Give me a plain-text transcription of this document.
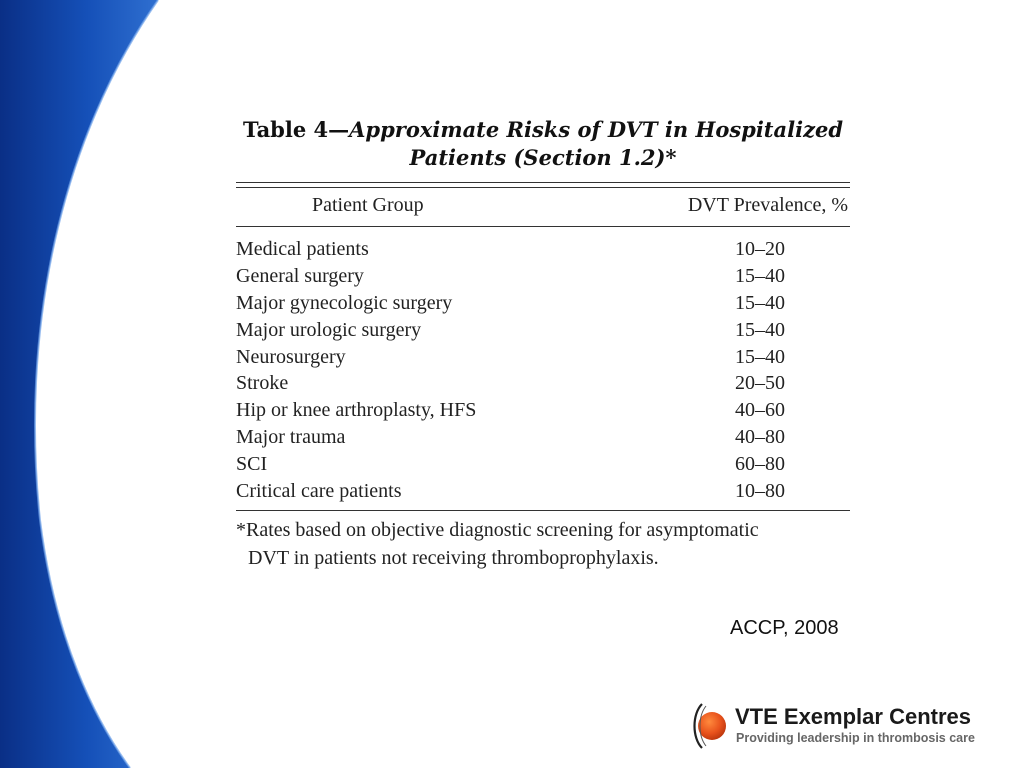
Table 4—Approximate Risks of DVT in Hospitalized
Patients (Section 1.2)*
Patient Group	DVT Prevalence, %
Medical patients	10–20
General surgery	15–40
Major gynecologic surgery	15–40
Major urologic surgery	15–40
Neurosurgery	15–40
Stroke	20–50
Hip or knee arthroplasty, HFS	40–60
Major trauma	40–80
SCI	60–80
Critical care patients	10–80
*Rates based on objective diagnostic screening for asymptomatic
DVT in patients not receiving thromboprophylaxis.
ACCP, 2008
VTE Exemplar Centres
Providing leadership in thrombosis care
